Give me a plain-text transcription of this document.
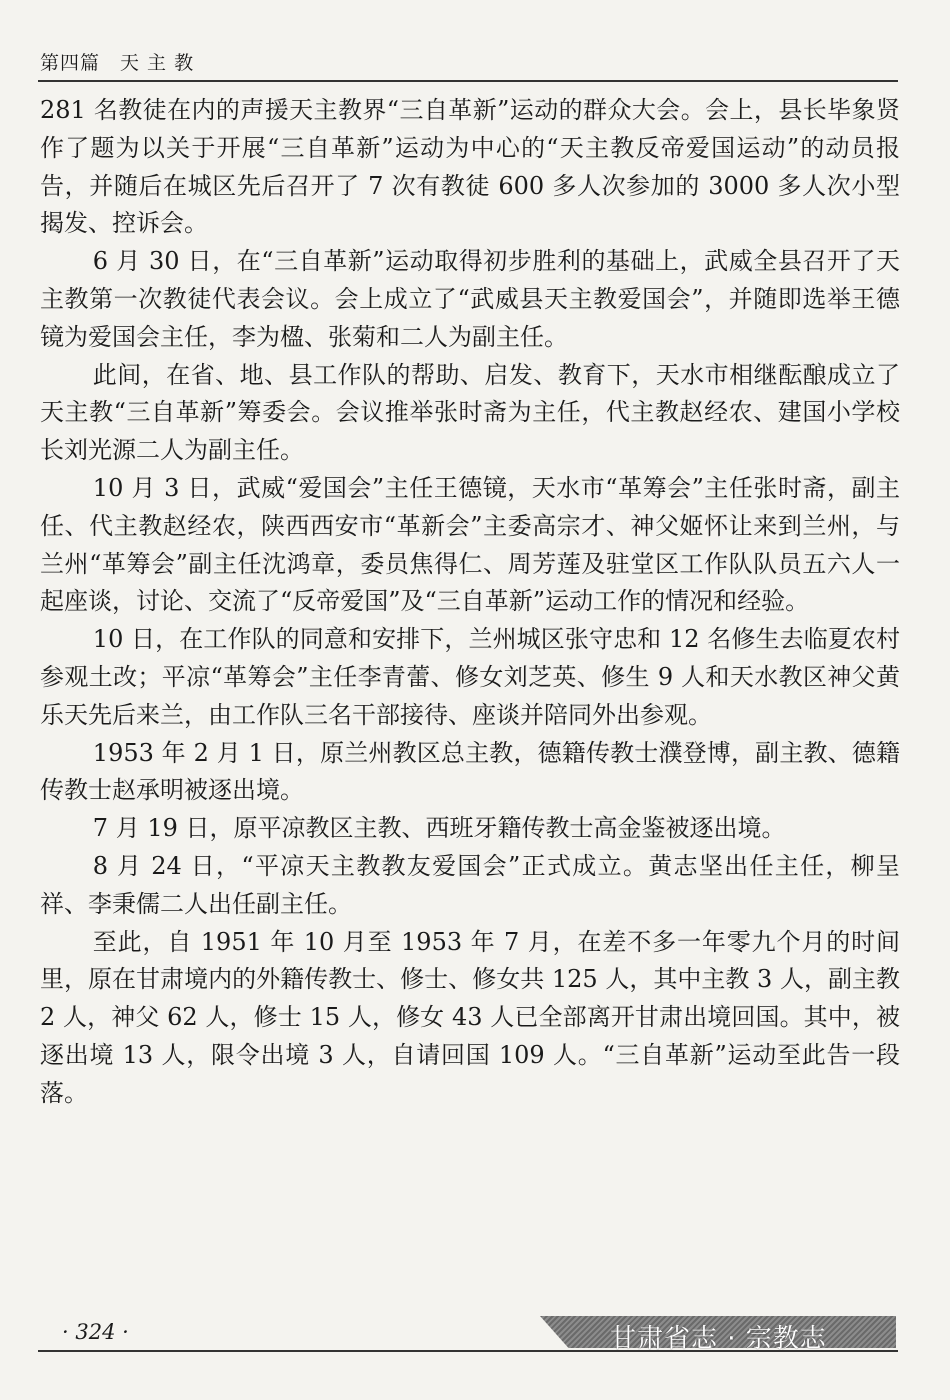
第四篇　天 主 教

281 名教徒在内的声援天主教界“三自革新”运动的群众大会。会上，县长毕象贤作了题为以关于开展“三自革新”运动为中心的“天主教反帝爱国运动”的动员报告，并随后在城区先后召开了 7 次有教徒 600 多人次参加的 3000 多人次小型揭发、控诉会。

6 月 30 日，在“三自革新”运动取得初步胜利的基础上，武威全县召开了天主教第一次教徒代表会议。会上成立了“武威县天主教爱国会”，并随即选举王德镜为爱国会主任，李为楹、张菊和二人为副主任。

此间，在省、地、县工作队的帮助、启发、教育下，天水市相继酝酿成立了天主教“三自革新”筹委会。会议推举张时斋为主任，代主教赵经农、建国小学校长刘光源二人为副主任。

10 月 3 日，武威“爱国会”主任王德镜，天水市“革筹会”主任张时斋，副主任、代主教赵经农，陕西西安市“革新会”主委高宗才、神父姬怀让来到兰州，与兰州“革筹会”副主任沈鸿章，委员焦得仁、周芳莲及驻堂区工作队队员五六人一起座谈，讨论、交流了“反帝爱国”及“三自革新”运动工作的情况和经验。

10 日，在工作队的同意和安排下，兰州城区张守忠和 12 名修生去临夏农村参观土改；平凉“革筹会”主任李青蕾、修女刘芝英、修生 9 人和天水教区神父黄乐天先后来兰，由工作队三名干部接待、座谈并陪同外出参观。

1953 年 2 月 1 日，原兰州教区总主教，德籍传教士濮登博，副主教、德籍传教士赵承明被逐出境。

7 月 19 日，原平凉教区主教、西班牙籍传教士高金鉴被逐出境。

8 月 24 日，“平凉天主教教友爱国会”正式成立。黄志坚出任主任，柳呈祥、李秉儒二人出任副主任。

至此，自 1951 年 10 月至 1953 年 7 月，在差不多一年零九个月的时间里，原在甘肃境内的外籍传教士、修士、修女共 125 人，其中主教 3 人，副主教 2 人，神父 62 人，修士 15 人，修女 43 人已全部离开甘肃出境回国。其中，被逐出境 13 人，限令出境 3 人，自请回国 109 人。“三自革新”运动至此告一段落。

· 324 ·	甘肃省志 · 宗教志
